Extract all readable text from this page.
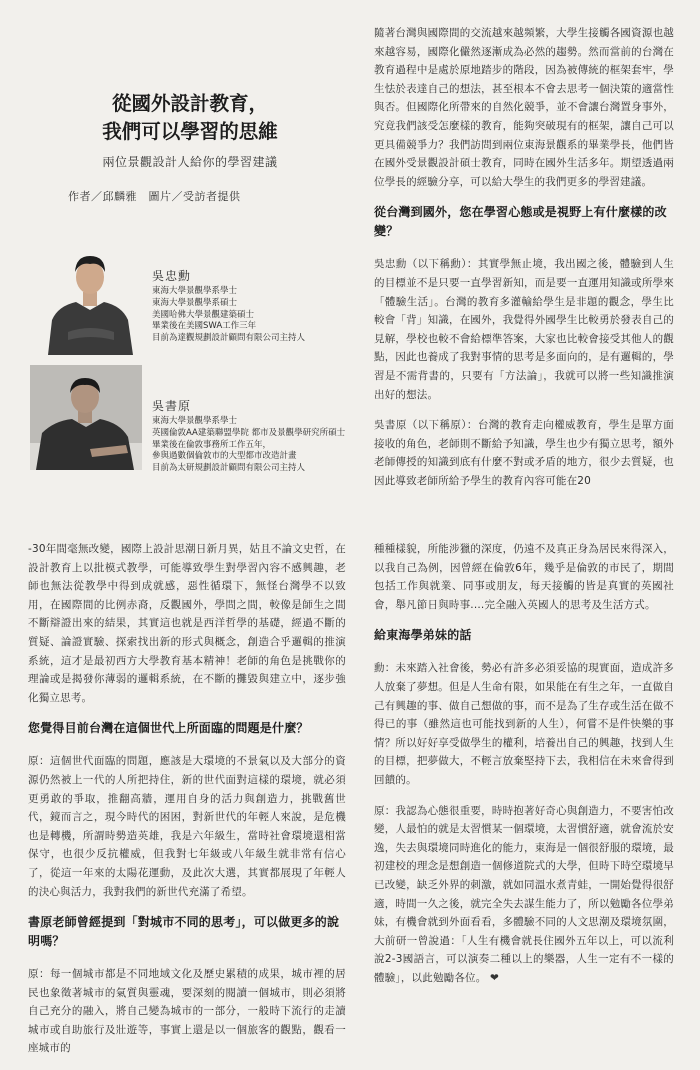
從國外設計教育，
我們可以學習的思維
兩位景觀設計人給你的學習建議
作者／邱麟雅　圖片／受訪者提供
吳忠勳
東海大學景觀學系學士
東海大學景觀學系碩士
美國哈佛大學景觀建築碩士
畢業後在美國SWA工作三年
目前為達觀規劃設計顧問有限公司主持人
吳書原
東海大學景觀學系學士
英國倫敦AA建築聯盟學院 都市及景觀學研究所碩士
畢業後在倫敦事務所工作五年，
參與過數個倫敦市的大型都市改造計畫
目前為太研規劃設計顧問有限公司主持人

隨著台灣與國際間的交流越來越頻繁，大學生接觸各國資源也越來越容易，國際化儼然逐漸成為必然的趨勢。然而當前的台灣在教育過程中是處於原地踏步的階段，因為被傳統的框架套牢，學生怯於表達自己的想法，甚至根本不會去思考一個決策的適當性與否。但國際化所帶來的自然化競爭，並不會讓台灣置身事外，究竟我們該受怎麼樣的教育，能夠突破現有的框架，讓自己可以更具備競爭力？我們訪問到兩位東海景觀系的畢業學長，他們皆在國外受景觀設計碩士教育，同時在國外生活多年。期望透過兩位學長的經驗分享，可以給大學生的我們更多的學習建議。

從台灣到國外，您在學習心態或是視野上有什麼樣的改變？

吳忠勳（以下稱勳）：其實學無止境，我出國之後，體驗到人生的目標並不是只要一直學習新知，而是要一直運用知識或所學來「體驗生活」。台灣的教育多灌輸給學生是非題的觀念，學生比較會「背」知識，在國外，我覺得外國學生比較勇於發表自己的見解，學校也較不會給標準答案，大家也比較會接受其他人的觀點，因此也養成了我對事情的思考是多面向的，是有邏輯的，學習是不需背書的，只要有「方法論」，我就可以將一些知識推演出好的想法。

吳書原（以下稱原）：台灣的教育走向權威教育，學生是單方面接收的角色，老師則不斷給予知識，學生也少有獨立思考，額外老師傳授的知識到底有什麼不對或矛盾的地方，很少去質疑，也因此導致老師所給予學生的教育內容可能在20

-30年間毫無改變，國際上設計思潮日新月異，姑且不論文史哲，在設計教育上以批模式教學，可能導致學生對學習內容不感興趣，老師也無法從教學中得到成就感，惡性循環下，無怪台灣學不以致用，在國際間的比例赤裔，反觀國外，學問之間，較像是師生之間不斷辯證出來的結果，其實這也就是西洋哲學的基礎，經過不斷的質疑、論證實驗、探索找出新的形式與概念，創造合乎邏輯的推演系統，這才是最初西方大學教育基本精神！老師的角色是挑戰你的理論或是揭發你薄弱的邏輯系統，在不斷的攤毀與建立中，逐步強化獨立思考。

您覺得目前台灣在這個世代上所面臨的問題是什麼？

原：這個世代面臨的問題，應該是大環境的不景氣以及大部分的資源仍然被上一代的人所把持住，新的世代面對這樣的環境，就必須更勇敢的爭取，推翻高牆，運用自身的活力與創造力，挑戰舊世代，鏡而言之，現今時代的困困，對新世代的年輕人來說，是危機也是轉機，所謂時勢造英雄，我是六年級生，當時社會環境還相當保守，也很少反抗權威，但我對七年級或八年級生就非常有信心了，從這一年來的太陽花運動，及此次大選，其實都展現了年輕人的決心與活力，我對我們的新世代充滿了希望。

書原老師曾經提到「對城市不同的思考」，可以做更多的說明嗎？

原：每一個城市都是不同地域文化及歷史累積的成果，城市裡的居民也象徵著城市的氣質與靈魂，要深刻的閱讀一個城市，則必須將自己充分的融入，將自己變為城市的一部分，一般時下流行的走讀城市或自助旅行及壯遊等，事實上還是以一個旅客的觀點，觀看一座城市的

種種樣貌，所能涉獵的深度，仍遠不及真正身為居民來得深入，以我自己為例，因曾經在倫敦6年，幾乎是倫敦的市民了，期間包括工作與就業、同事或朋友，每天接觸的皆是真實的英國社會，舉凡節日與時事....完全融入英國人的思考及生活方式。

給東海學弟妹的話

勳：未來踏入社會後，勢必有許多必須妥協的現實面，造成許多人放棄了夢想。但是人生命有限，如果能在有生之年，一直做自己有興趣的事、做自己想做的事，而不是為了生存或生活在做不得已的事（雖然這也可能找到新的人生），何嘗不是件快樂的事情？所以好好享受做學生的權利，培養出自己的興趣，找到人生的目標，把夢做大，不輕言放棄堅持下去，我相信在未來會得到回饋的。

原：我認為心態很重要，時時抱著好奇心與創造力，不要害怕改變，人最怕的就是太習慣某一個環境，太習慣舒適，就會流於安逸，失去與環境同時進化的能力，東海是一個很舒服的環境，最初建校的理念是想創造一個修道院式的大學，但時下時空環境早已改變，缺乏外界的刺激，就如同溫水煮青蛙，一開始覺得很舒適，時間一久之後，就完全失去謀生能力了，所以勉勵各位學弟妹，有機會就到外面看看，多體驗不同的人文思潮及環境氛圍，大前研一曾說過：「人生有機會就長住國外五年以上，可以流利說2-3國語言，可以演奏二種以上的樂器，人生一定有不一樣的體驗」，以此勉勵各位。 ❤
